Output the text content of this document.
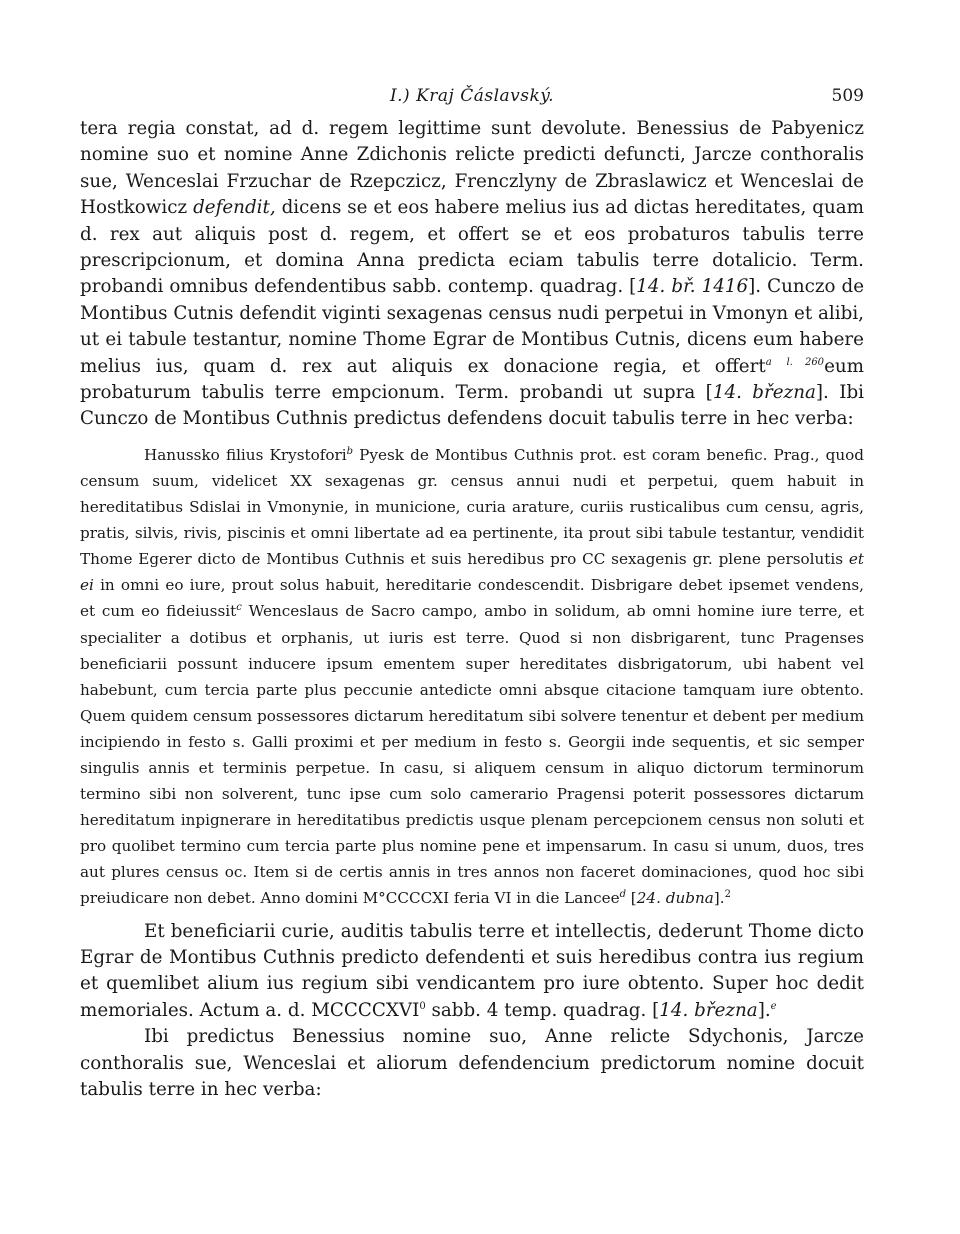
I.) Kraj Čáslavský.	509

tera regia constat, ad d. regem legittime sunt devolute. Benessius de Pabyenicz nomine suo et nomine Anne Zdichonis relicte predicti defuncti, Jarcze conthoralis sue, Wenceslai Frzuchar de Rzepczicz, Frenczlyny de Zbraslawicz et Wenceslai de Hostkowicz defendit, dicens se et eos habere melius ius ad dictas hereditates, quam d. rex aut aliquis post d. regem, et offert se et eos probaturos tabulis terre prescripcionum, et domina Anna predicta eciam tabulis terre dotalicio. Term. probandi omnibus defendentibus sabb. contemp. quadrag. [14. bř. 1416]. Cunczo de Montibus Cutnis defendit viginti sexagenas census nudi perpetui in Vmonyn et alibi, ut ei tabule testantur, nomine Thome Egrar de Montibus Cutnis, dicens eum habere melius ius, quam d. rex aut aliquis ex donacione regia, et offert$^a$ $^{l. 260}$eum probaturum tabulis terre empcionum. Term. probandi ut supra [14. března]. Ibi Cunczo de Montibus Cuthnis predictus defendens docuit tabulis terre in hec verba:

Hanussko filius Krystofori$^b$ Pyesk de Montibus Cuthnis prot. est coram benefic. Prag., quod censum suum, videlicet XX sexagenas gr. census annui nudi et perpetui, quem habuit in hereditatibus Sdislai in Vmonynie, in municione, curia arature, curiis rusticalibus cum censu, agris, pratis, silvis, rivis, piscinis et omni libertate ad ea pertinente, ita prout sibi tabule testantur, vendidit Thome Egerer dicto de Montibus Cuthnis et suis heredibus pro CC sexagenis gr. plene persolutis et ei in omni eo iure, prout solus habuit, hereditarie condescendit. Disbrigare debet ipsemet vendens, et cum eo fideiussit$^c$ Wenceslaus de Sacro campo, ambo in solidum, ab omni homine iure terre, et specialiter a dotibus et orphanis, ut iuris est terre. Quod si non disbrigarent, tunc Pragenses beneficiarii possunt inducere ipsum ementem super hereditates disbrigatorum, ubi habent vel habebunt, cum tercia parte plus peccunie antedicte omni absque citacione tamquam iure obtento. Quem quidem censum possessores dictarum hereditatum sibi solvere tenentur et debent per medium incipiendo in festo s. Galli proximi et per medium in festo s. Georgii inde sequentis, et sic semper singulis annis et terminis perpetue. In casu, si aliquem censum in aliquo dictorum terminorum termino sibi non solverent, tunc ipse cum solo camerario Pragensi poterit possessores dictarum hereditatum inpignerare in hereditatibus predictis usque plenam percepcionem census non soluti et pro quolibet termino cum tercia parte plus nomine pene et impensarum. In casu si unum, duos, tres aut plures census oc. Item si de certis annis in tres annos non faceret dominaciones, quod hoc sibi preiudicare non debet. Anno domini M°CCCCXI feria VI in die Lancee$^d$ [24. dubna].$^2$

Et beneficiarii curie, auditis tabulis terre et intellectis, dederunt Thome dicto Egrar de Montibus Cuthnis predicto defendenti et suis heredibus contra ius regium et quemlibet alium ius regium sibi vendicantem pro iure obtento. Super hoc dedit memoriales. Actum a. d. MCCCCXVI$^0$ sabb. 4 temp. quadrag. [14. března].$^e$

Ibi predictus Benessius nomine suo, Anne relicte Sdychonis, Jarcze conthoralis sue, Wenceslai et aliorum defendencium predictorum nomine docuit tabulis terre in hec verba:
